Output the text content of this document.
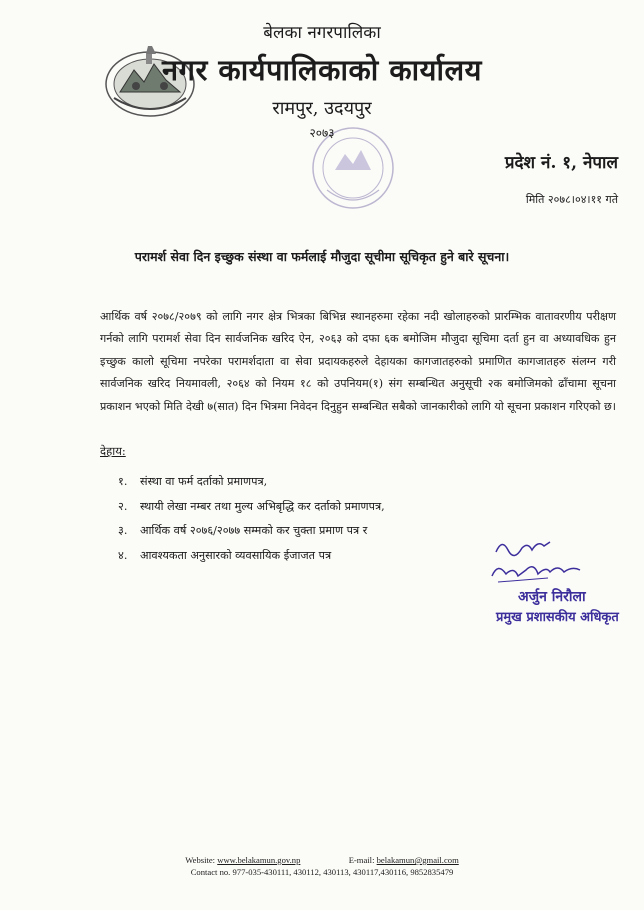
बेलका नगरपालिका
नगर कार्यपालिकाको कार्यालय
रामपुर, उदयपुर
२०७३
प्रदेश नं. १, नेपाल
मिति २०७८।०४।११ गते
परामर्श सेवा दिन इच्छुक संस्था वा फर्मलाई मौजुदा सूचीमा सूचिकृत हुने बारे सूचना।

आर्थिक वर्ष २०७८/२०७९ को लागि नगर क्षेत्र भित्रका बिभिन्न स्थानहरुमा रहेका नदी खोलाहरुको प्रारम्भिक वातावरणीय परीक्षण गर्नको लागि परामर्श सेवा दिन सार्वजनिक खरिद ऐन, २०६३ को दफा ६क बमोजिम मौजुदा सूचिमा दर्ता हुन वा अध्यावधिक हुन इच्छुक कालो सूचिमा नपरेका परामर्शदाता वा सेवा प्रदायकहरुले देहायका कागजातहरुको प्रमाणित कागजातहरु संलग्न गरी सार्वजनिक खरिद नियमावली, २०६४ को नियम १८ को उपनियम(१) संग सम्बन्धित अनुसूची २क बमोजिमको ढाँचामा सूचना प्रकाशन भएको मिति देखी ७(सात) दिन भित्रमा निवेदन दिनुहुन सम्बन्धित सबैको जानकारीको लागि यो सूचना प्रकाशन गरिएको छ।

देहाय:
१. संस्था वा फर्म दर्ताको प्रमाणपत्र,
२. स्थायी लेखा नम्बर तथा मुल्य अभिबृद्धि कर दर्ताको प्रमाणपत्र,
३. आर्थिक वर्ष २०७६/२०७७ सम्मको कर चुक्ता प्रमाण पत्र र
४. आवश्यकता अनुसारको व्यवसायिक ईजाजत पत्र
अर्जुन निरौला
प्रमुख प्रशासकीय अधिकृत
Website: www.belakamun.gov.np	E-mail: belakamun@gmail.com
Contact no. 977-035-430111, 430112, 430113, 430117,430116, 9852835479
